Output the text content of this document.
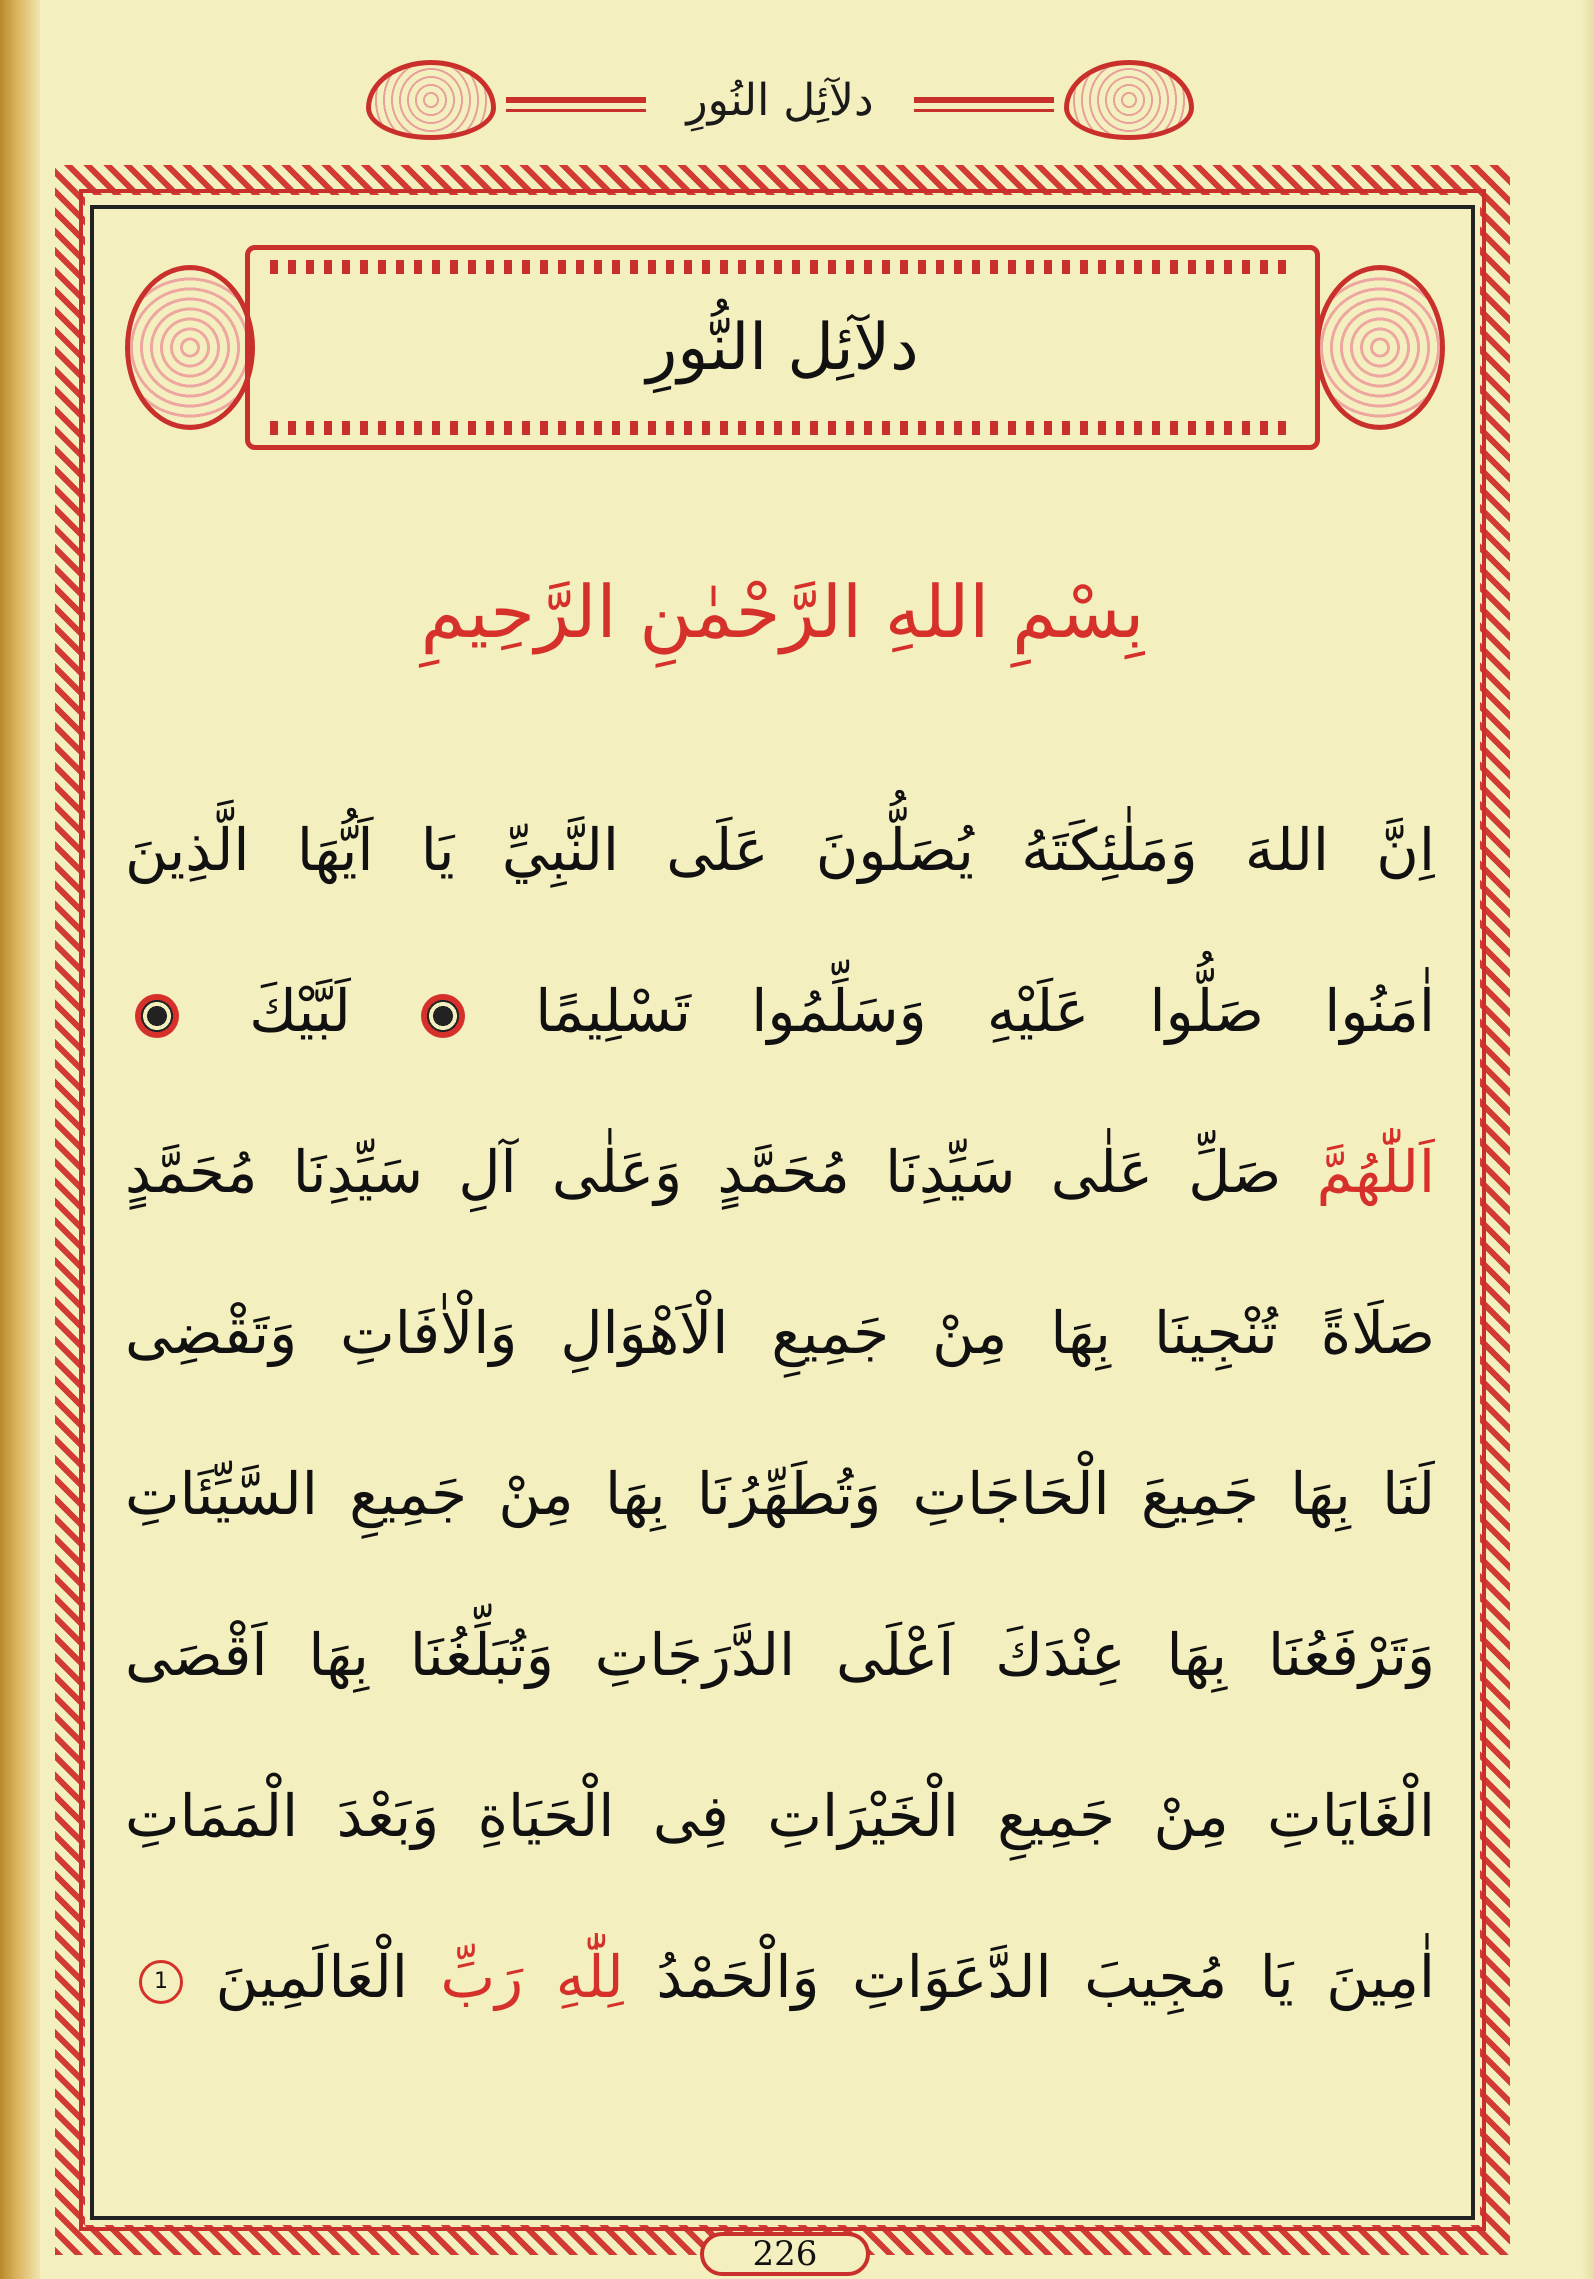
دلآئِل النُورِ
دلآئِل النُّورِ
بِسْمِ اللهِ الرَّحْمٰنِ الرَّحِيمِ
اِنَّ اللهَ وَمَلٰئِكَتَهُ يُصَلُّونَ عَلَى النَّبِيِّ يَا اَيُّهَا الَّذِينَ
اٰمَنُوا صَلُّوا عَلَيْهِ وَسَلِّمُوا تَسْلِيمًا  لَبَّيْكَ
اَللّٰهُمَّ صَلِّ عَلٰى سَيِّدِنَا مُحَمَّدٍ وَعَلٰى آلِ سَيِّدِنَا مُحَمَّدٍ
صَلَاةً تُنْجِينَا بِهَا مِنْ جَمِيعِ الْاَهْوَالِ وَالْاٰفَاتِ وَتَقْضِى
لَنَا بِهَا جَمِيعَ الْحَاجَاتِ وَتُطَهِّرُنَا بِهَا مِنْ جَمِيعِ السَّيِّئَاتِ
وَتَرْفَعُنَا بِهَا عِنْدَكَ اَعْلَى الدَّرَجَاتِ وَتُبَلِّغُنَا بِهَا اَقْصَى
الْغَايَاتِ مِنْ جَمِيعِ الْخَيْرَاتِ فِى الْحَيَاةِ وَبَعْدَ الْمَمَاتِ
اٰمِينَ يَا مُجِيبَ الدَّعَوَاتِ وَالْحَمْدُ لِلّٰهِ رَبِّ الْعَالَمِينَ 1
226
